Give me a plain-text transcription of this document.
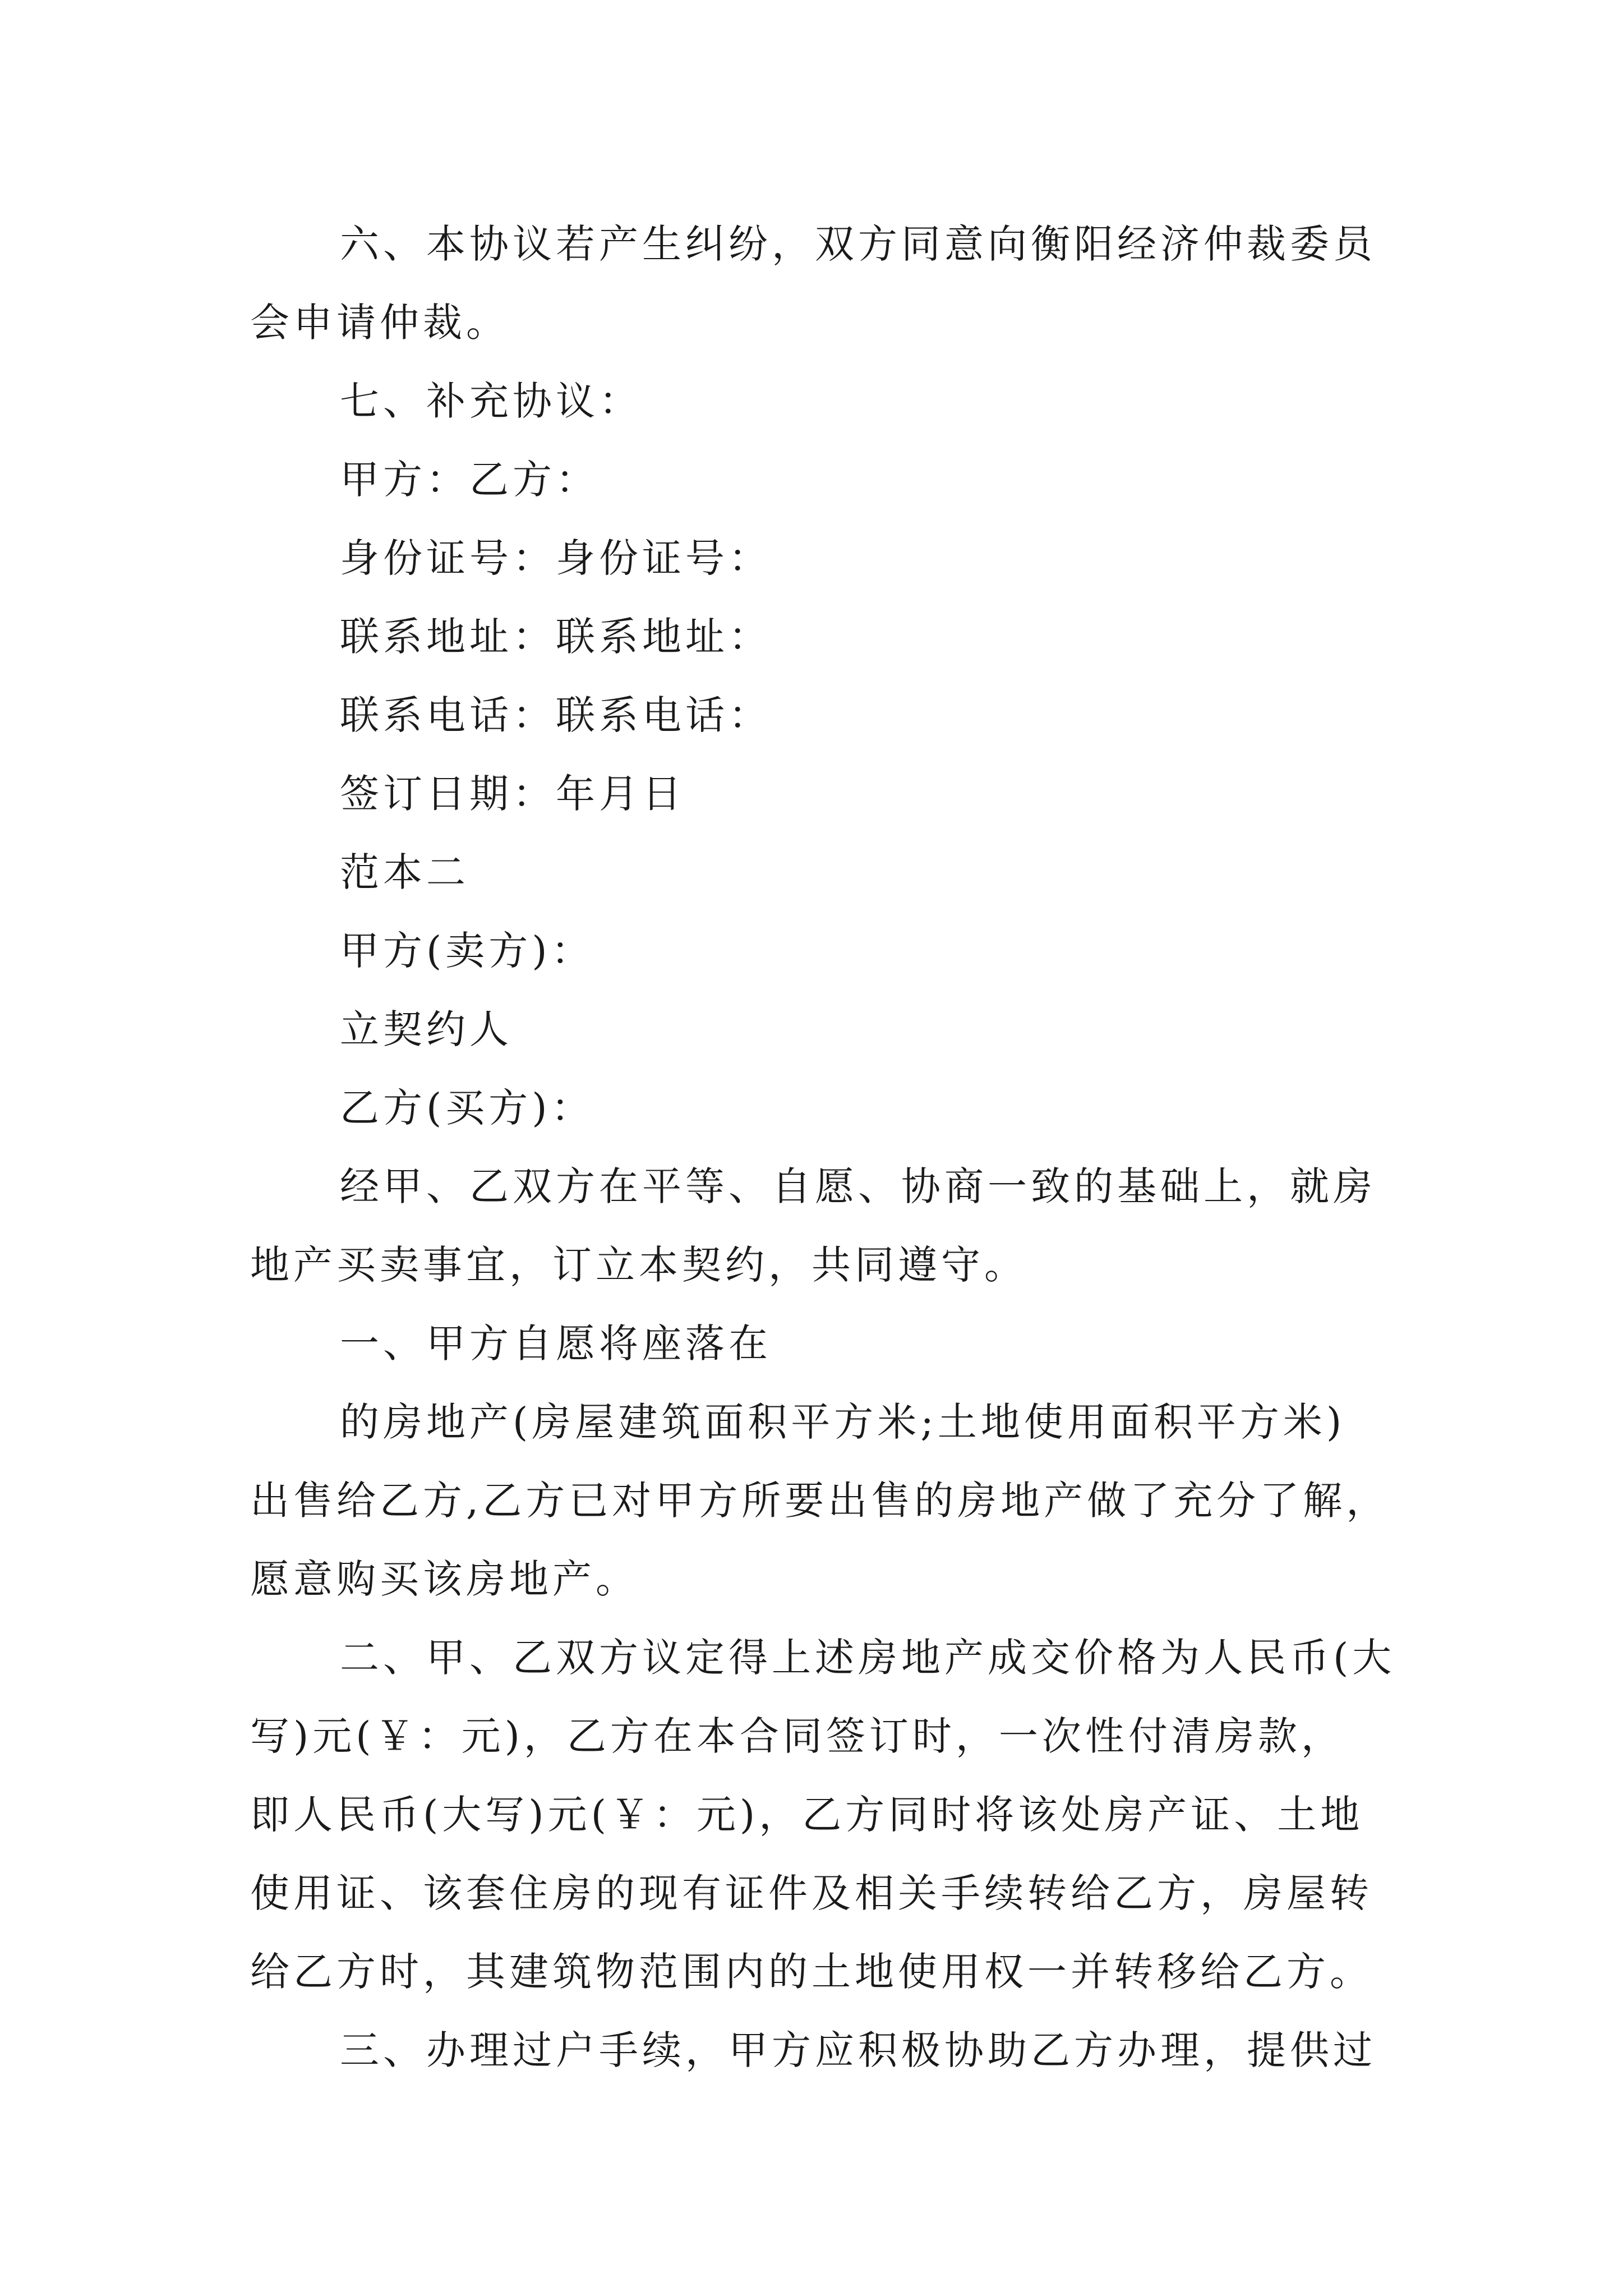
六、本协议若产生纠纷，双方同意向衡阳经济仲裁委员
会申请仲裁。
七、补充协议：
甲方：乙方：
身份证号：身份证号：
联系地址：联系地址：
联系电话：联系电话：
签订日期：年月日
范本二
甲方(卖方)：
立契约人
乙方(买方)：
经甲、乙双方在平等、自愿、协商一致的基础上，就房
地产买卖事宜，订立本契约，共同遵守。
一、甲方自愿将座落在
的房地产(房屋建筑面积平方米;土地使用面积平方米)
出售给乙方,乙方已对甲方所要出售的房地产做了充分了解，
愿意购买该房地产。
二、甲、乙双方议定得上述房地产成交价格为人民币(大
写)元(￥：元)，乙方在本合同签订时，一次性付清房款，
即人民币(大写)元(￥：元)，乙方同时将该处房产证、土地
使用证、该套住房的现有证件及相关手续转给乙方，房屋转
给乙方时，其建筑物范围内的土地使用权一并转移给乙方。
三、办理过户手续，甲方应积极协助乙方办理，提供过
